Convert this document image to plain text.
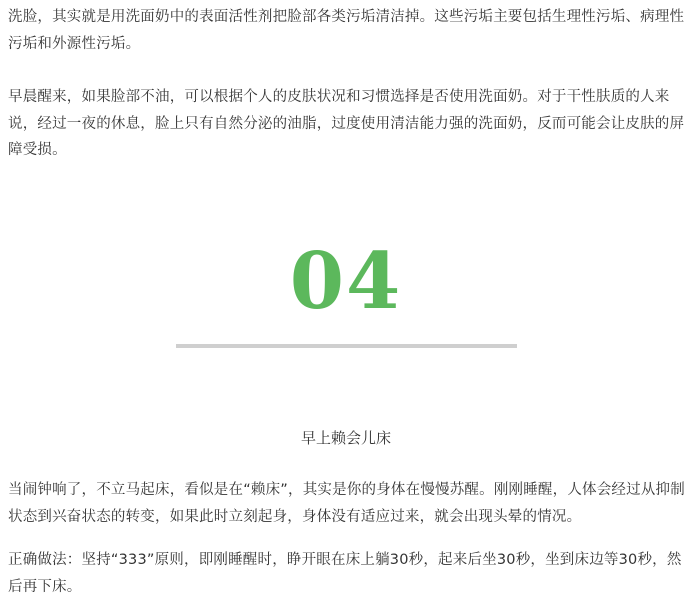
洗脸，其实就是用洗面奶中的表面活性剂把脸部各类污垢清洁掉。这些污垢主要包括生理性污垢、病理性污垢和外源性污垢。

早晨醒来，如果脸部不油，可以根据个人的皮肤状况和习惯选择是否使用洗面奶。对于干性肤质的人来说，经过一夜的休息，脸上只有自然分泌的油脂，过度使用清洁能力强的洗面奶，反而可能会让皮肤的屏障受损。

04
早上赖会儿床

当闹钟响了，不立马起床，看似是在“赖床”，其实是你的身体在慢慢苏醒。刚刚睡醒，人体会经过从抑制状态到兴奋状态的转变，如果此时立刻起身，身体没有适应过来，就会出现头晕的情况。

正确做法：坚持“333”原则，即刚睡醒时，睁开眼在床上躺30秒，起来后坐30秒，坐到床边等30秒，然后再下床。
